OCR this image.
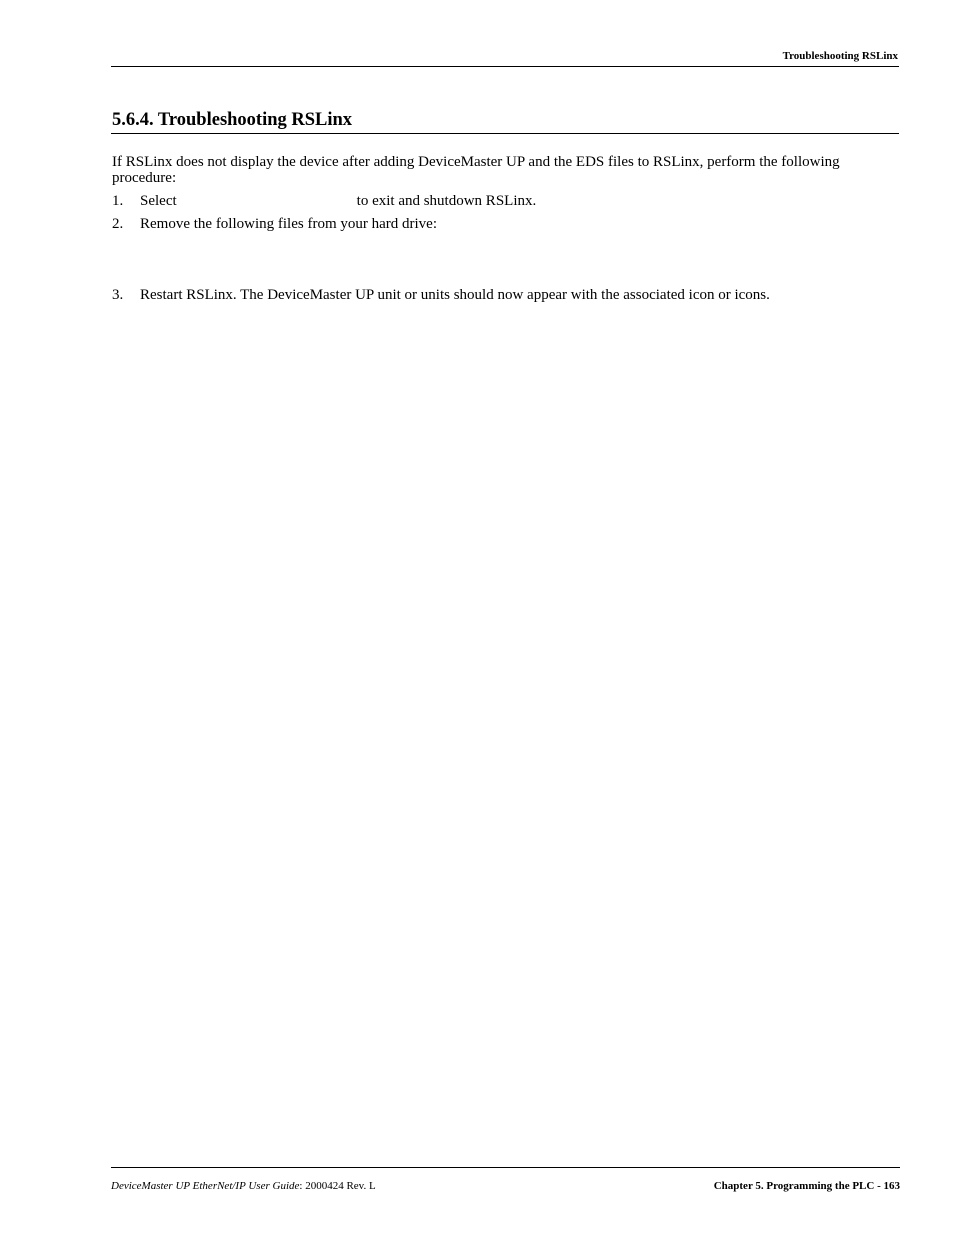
Troubleshooting RSLinx
5.6.4. Troubleshooting RSLinx

If RSLinx does not display the device after adding DeviceMaster UP and the EDS files to RSLinx, perform the following procedure:

1. Select	to exit and shutdown RSLinx.
2. Remove the following files from your hard drive:
3. Restart RSLinx. The DeviceMaster UP unit or units should now appear with the associated icon or icons.
DeviceMaster UP EtherNet/IP User Guide: 2000424 Rev. L	Chapter 5. Programming the PLC - 163
